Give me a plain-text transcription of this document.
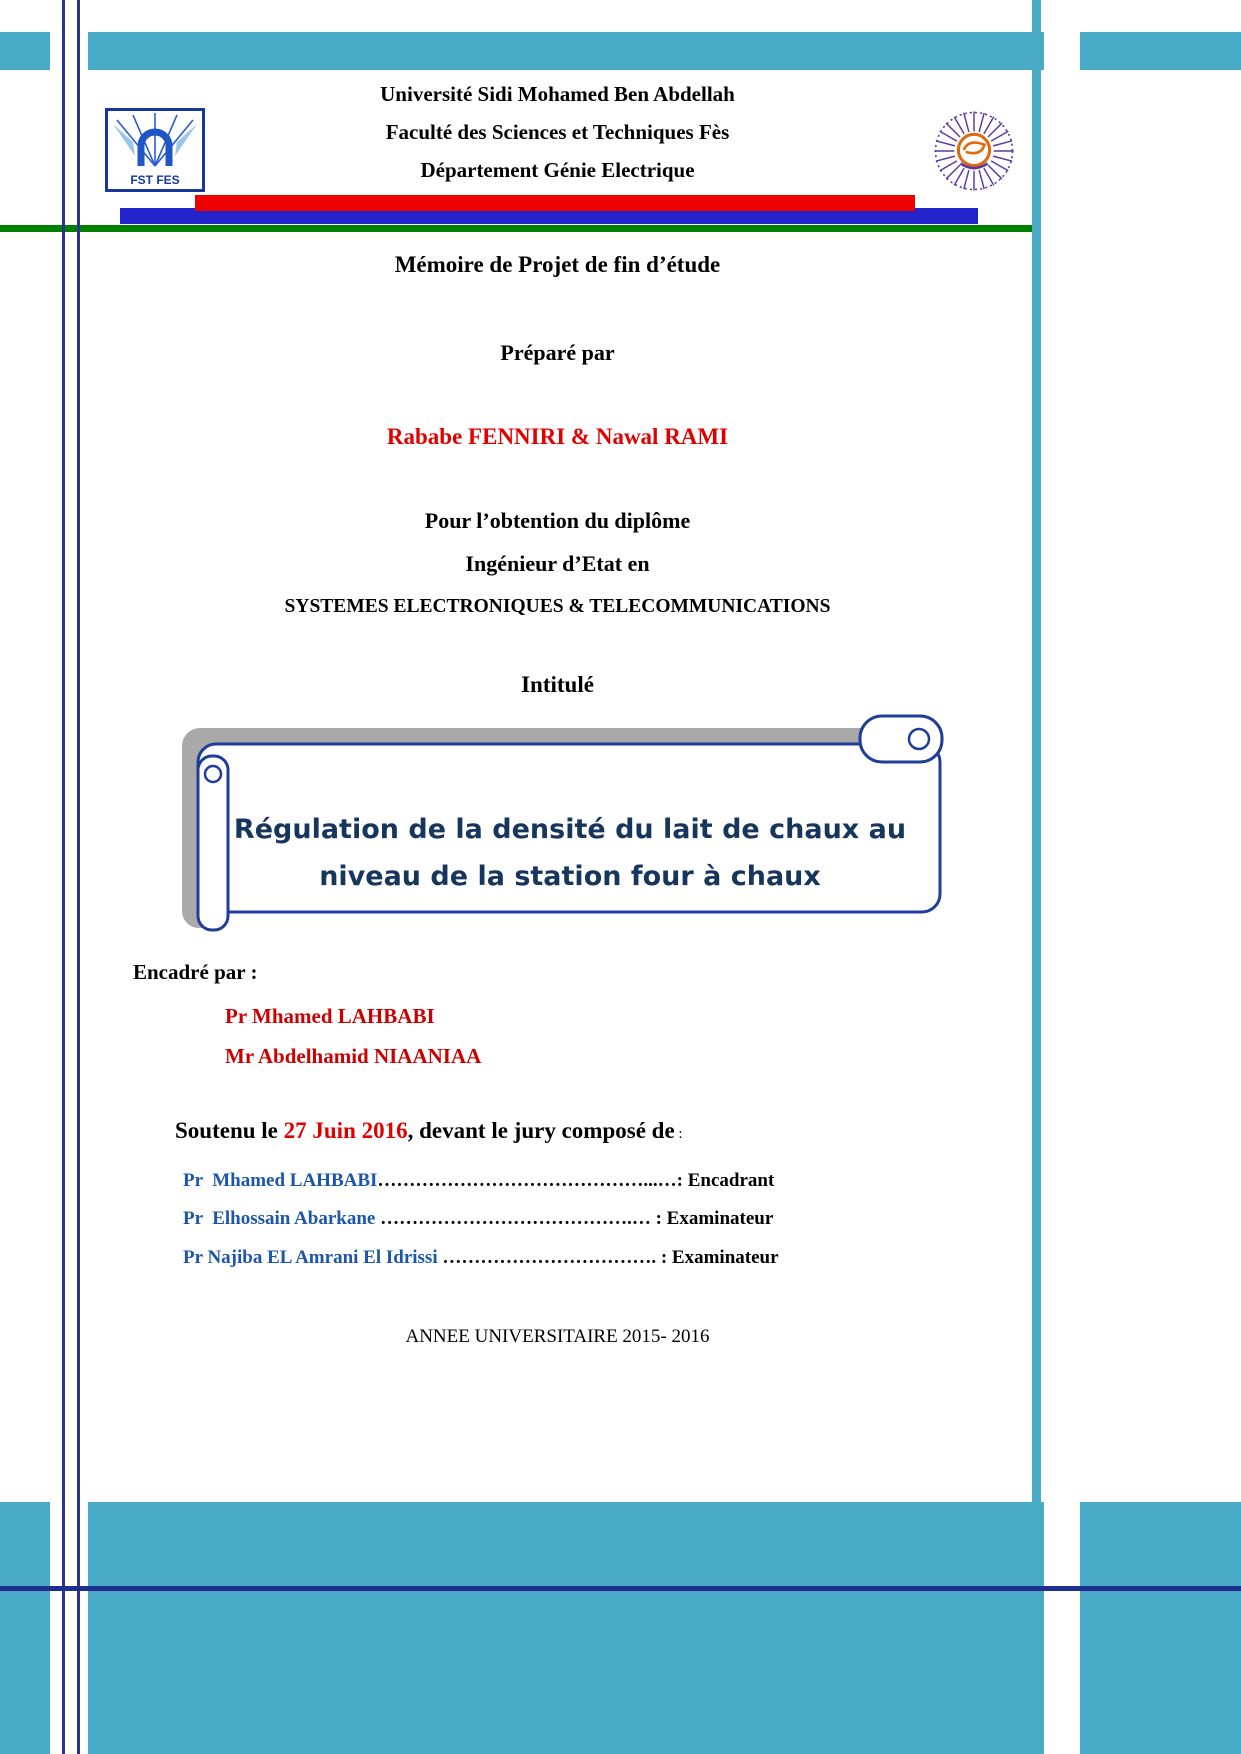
Université Sidi Mohamed Ben Abdellah
Faculté des Sciences et Techniques Fès
Département Génie Electrique
FST FES
Mémoire de Projet de fin d’étude
Préparé par
Rababe FENNIRI & Nawal RAMI
Pour l’obtention du diplôme
Ingénieur d’Etat en
SYSTEMES ELECTRONIQUES & TELECOMMUNICATIONS
Intitulé
Régulation de la densité du lait de chaux au
niveau de la station four à chaux
Encadré par :
Pr Mhamed LAHBABI
Mr Abdelhamid NIAANIAA
Soutenu le 27 Juin 2016, devant le jury composé de :
Pr  Mhamed LAHBABI……………………………………...…: Encadrant
Pr  Elhossain Abarkane ………………………………….… : Examinateur
Pr Najiba EL Amrani El Idrissi ……………………………. : Examinateur
ANNEE UNIVERSITAIRE 2015- 2016
